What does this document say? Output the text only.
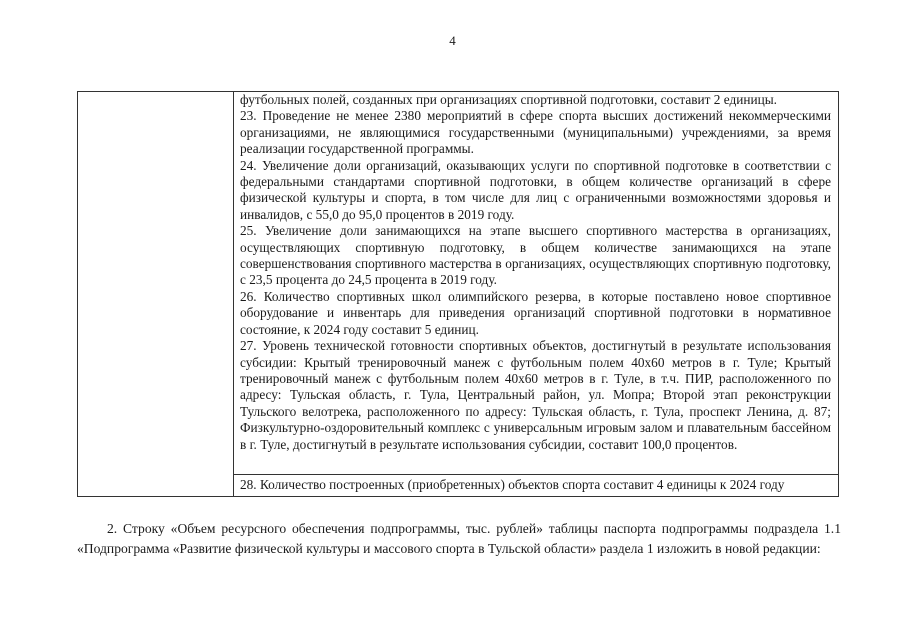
4

футбольных полей, созданных при организациях спортивной подготовки, составит 2 единицы.

23. Проведение не менее 2380 мероприятий в сфере спорта высших достижений некоммерческими организациями, не являющимися государственными (муниципальными) учреждениями, за время реализации государственной программы.

24. Увеличение доли организаций, оказывающих услуги по спортивной подготовке в соответствии с федеральными стандартами спортивной подготовки, в общем количестве организаций в сфере физической культуры и спорта, в том числе для лиц с ограниченными возможностями здоровья и инвалидов, с 55,0 до 95,0 процентов в 2019 году.

25. Увеличение доли занимающихся на этапе высшего спортивного мастерства в организациях, осуществляющих спортивную подготовку, в общем количестве занимающихся на этапе совершенствования спортивного мастерства в организациях, осуществляющих спортивную подготовку, с 23,5 процента до 24,5 процента в 2019 году.

26. Количество спортивных школ олимпийского резерва, в которые поставлено новое спортивное оборудование и инвентарь для приведения организаций спортивной подготовки в нормативное состояние, к 2024 году составит 5 единиц.

27. Уровень технической готовности спортивных объектов, достигнутый в результате использования субсидии: Крытый тренировочный манеж с футбольным полем 40х60 метров в г. Туле; Крытый тренировочный манеж с футбольным полем 40х60 метров в г. Туле, в т.ч. ПИР, расположенного по адресу: Тульская область, г. Тула, Центральный район, ул. Мопра; Второй этап реконструкции Тульского велотрека, расположенного по адресу: Тульская область, г. Тула, проспект Ленина, д. 87; Физкультурно-оздоровительный комплекс с универсальным игровым залом и плавательным бассейном в г. Туле, достигнутый в результате использования субсидии, составит 100,0 процентов.

28. Количество построенных (приобретенных) объектов спорта составит 4 единицы к 2024 году

2. Строку «Объем ресурсного обеспечения подпрограммы, тыс. рублей» таблицы паспорта подпрограммы подраздела 1.1 «Подпрограмма «Развитие физической культуры и массового спорта в Тульской области» раздела 1 изложить в новой редакции:
